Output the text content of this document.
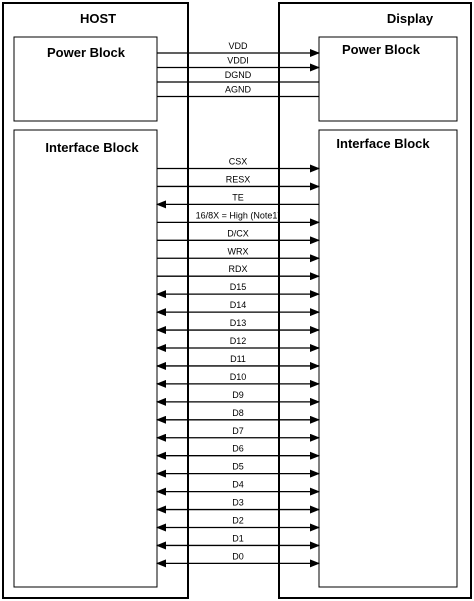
HOST
Power Block
Interface Block
Display
Power Block
Interface Block
VDD
VDDI
DGND
AGND
CSX
RESX
TE
16/8X = High (Note1)
D/CX
WRX
RDX
D15
D14
D13
D12
D11
D10
D9
D8
D7
D6
D5
D4
D3
D2
D1
D0
